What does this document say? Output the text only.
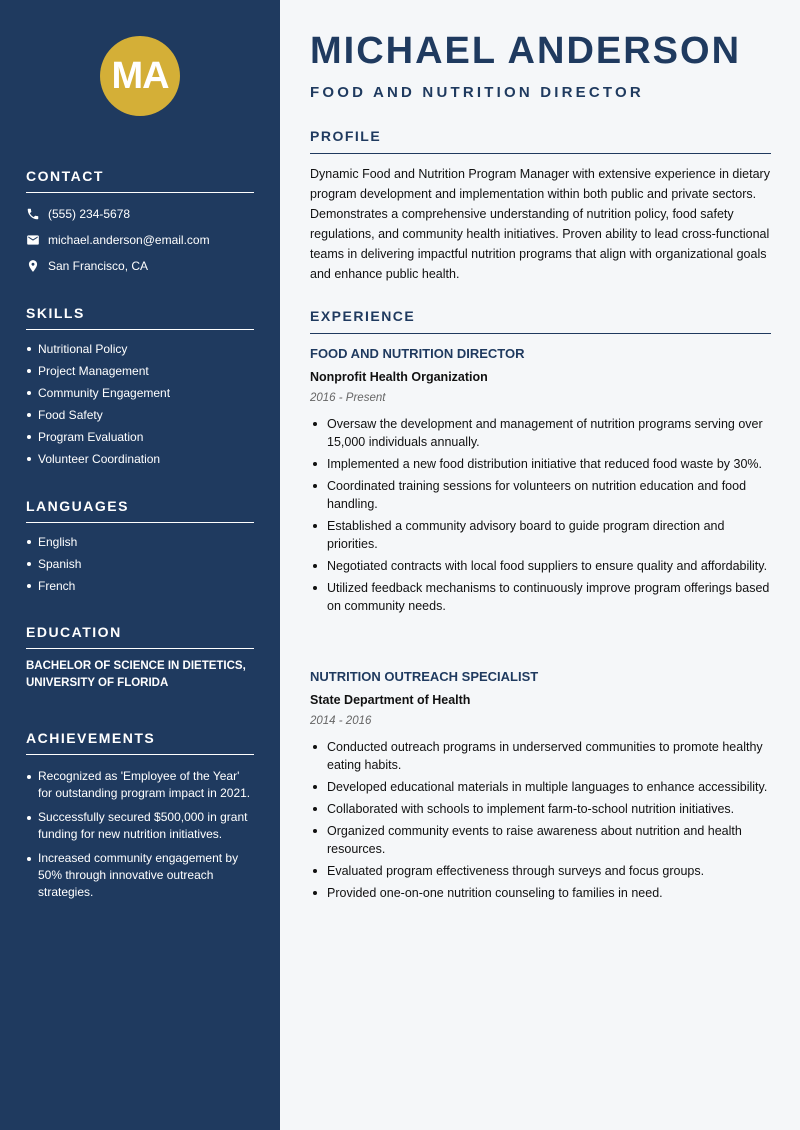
MA
CONTACT
(555) 234-5678
michael.anderson@email.com
San Francisco, CA
SKILLS
Nutritional Policy
Project Management
Community Engagement
Food Safety
Program Evaluation
Volunteer Coordination
LANGUAGES
English
Spanish
French
EDUCATION
BACHELOR OF SCIENCE IN DIETETICS, UNIVERSITY OF FLORIDA
ACHIEVEMENTS
Recognized as 'Employee of the Year' for outstanding program impact in 2021.
Successfully secured $500,000 in grant funding for new nutrition initiatives.
Increased community engagement by 50% through innovative outreach strategies.
MICHAEL ANDERSON
FOOD AND NUTRITION DIRECTOR
PROFILE
Dynamic Food and Nutrition Program Manager with extensive experience in dietary program development and implementation within both public and private sectors. Demonstrates a comprehensive understanding of nutrition policy, food safety regulations, and community health initiatives. Proven ability to lead cross-functional teams in delivering impactful nutrition programs that align with organizational goals and enhance public health.
EXPERIENCE
FOOD AND NUTRITION DIRECTOR
Nonprofit Health Organization
2016 - Present
Oversaw the development and management of nutrition programs serving over 15,000 individuals annually.
Implemented a new food distribution initiative that reduced food waste by 30%.
Coordinated training sessions for volunteers on nutrition education and food handling.
Established a community advisory board to guide program direction and priorities.
Negotiated contracts with local food suppliers to ensure quality and affordability.
Utilized feedback mechanisms to continuously improve program offerings based on community needs.
NUTRITION OUTREACH SPECIALIST
State Department of Health
2014 - 2016
Conducted outreach programs in underserved communities to promote healthy eating habits.
Developed educational materials in multiple languages to enhance accessibility.
Collaborated with schools to implement farm-to-school nutrition initiatives.
Organized community events to raise awareness about nutrition and health resources.
Evaluated program effectiveness through surveys and focus groups.
Provided one-on-one nutrition counseling to families in need.
